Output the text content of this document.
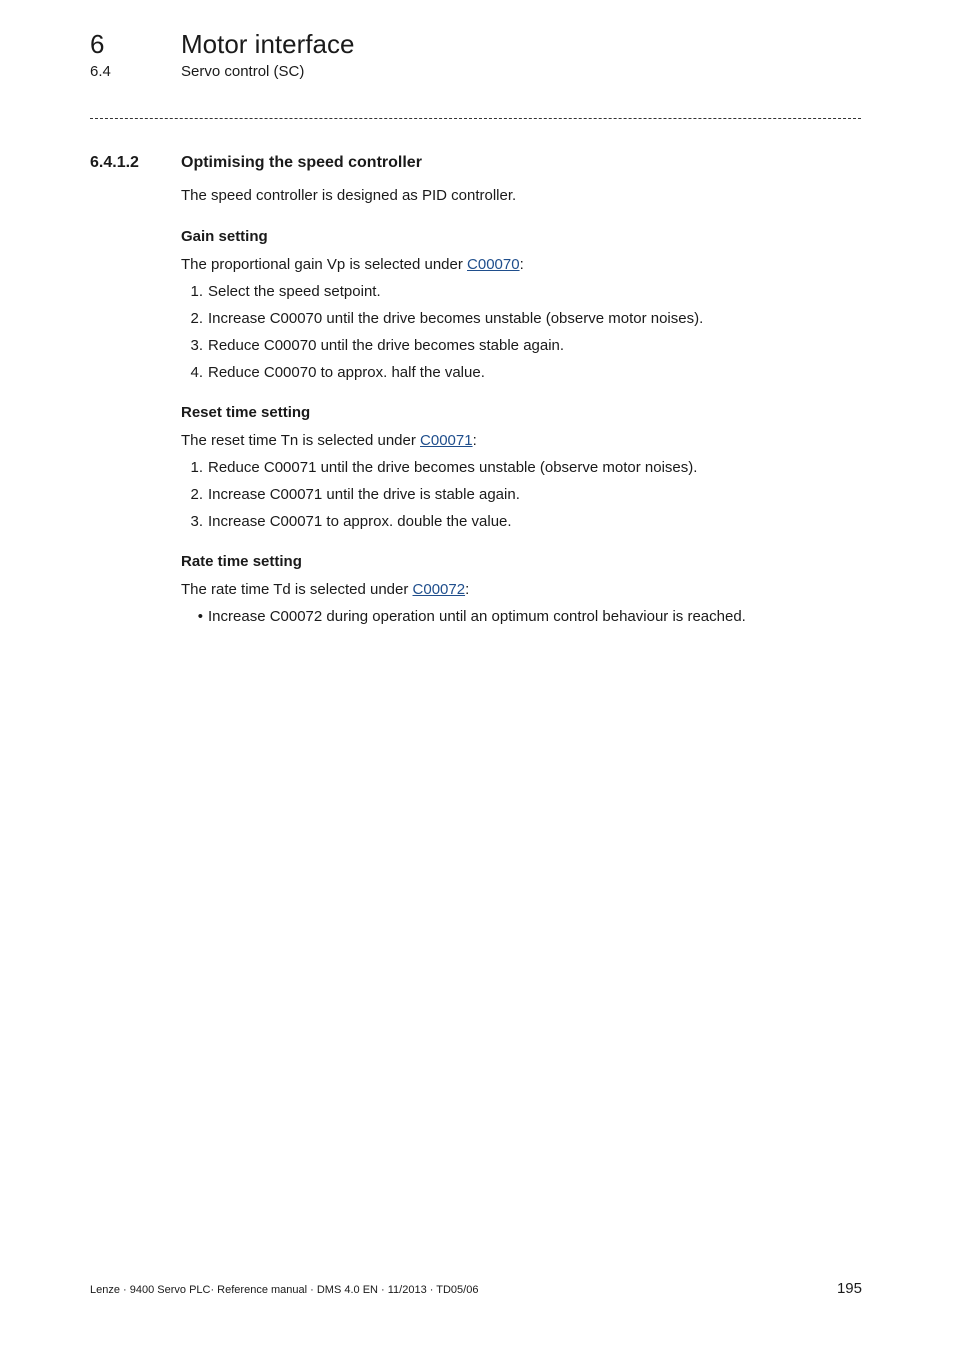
6	Motor interface
6.4	Servo control (SC)
6.4.1.2	Optimising the speed controller

The speed controller is designed as PID controller.

Gain setting
The proportional gain Vp is selected under C00070:
1. Select the speed setpoint.
2. Increase C00070 until the drive becomes unstable (observe motor noises).
3. Reduce C00070 until the drive becomes stable again.
4. Reduce C00070 to approx. half the value.
Reset time setting
The reset time Tn is selected under C00071:
1. Reduce C00071 until the drive becomes unstable (observe motor noises).
2. Increase C00071 until the drive is stable again.
3. Increase C00071 to approx. double the value.
Rate time setting
The rate time Td is selected under C00072:
• Increase C00072 during operation until an optimum control behaviour is reached.
Lenze · 9400 Servo PLC· Reference manual · DMS 4.0 EN · 11/2013 · TD05/06	195
